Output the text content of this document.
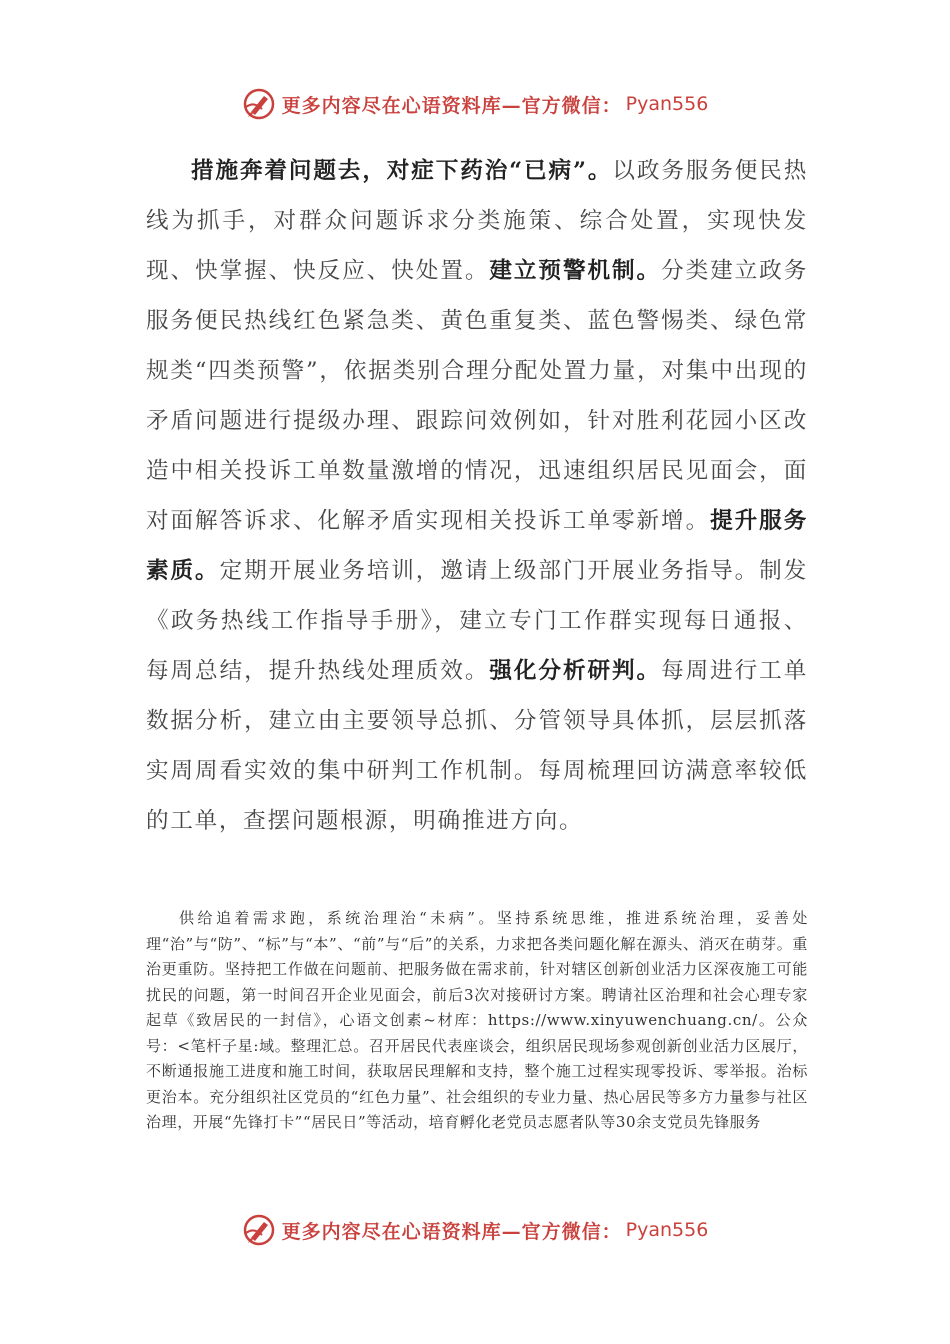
更多内容尽在心语资料库—官方微信： Pyan556

措施奔着问题去，对症下药治“已病”。以政务服务便民热线为抓手，对群众问题诉求分类施策、综合处置，实现快发现、快掌握、快反应、快处置。建立预警机制。分类建立政务服务便民热线红色紧急类、黄色重复类、蓝色警惕类、绿色常规类“四类预警”，依据类别合理分配处置力量，对集中出现的矛盾问题进行提级办理、跟踪问效例如，针对胜利花园小区改造中相关投诉工单数量激增的情况，迅速组织居民见面会，面对面解答诉求、化解矛盾实现相关投诉工单零新增。提升服务素质。定期开展业务培训，邀请上级部门开展业务指导。制发《政务热线工作指导手册》，建立专门工作群实现每日通报、每周总结，提升热线处理质效。强化分析研判。每周进行工单数据分析，建立由主要领导总抓、分管领导具体抓，层层抓落实周周看实效的集中研判工作机制。每周梳理回访满意率较低的工单，查摆问题根源，明确推进方向。

供给追着需求跑，系统治理治“未病”。坚持系统思维，推进系统治理，妥善处理“治”与“防”、“标”与“本”、“前”与“后”的关系，力求把各类问题化解在源头、消灭在萌芽。重治更重防。坚持把工作做在问题前、把服务做在需求前，针对辖区创新创业活力区深夜施工可能扰民的问题，第一时间召开企业见面会，前后3次对接研讨方案。聘请社区治理和社会心理专家起草《致居民的一封信》，心语文创素~材库：https://www.xinyuwenchuang.cn/。公众号：<笔杆子星:域。整理汇总。召开居民代表座谈会，组织居民现场参观创新创业活力区展厅，不断通报施工进度和施工时间，获取居民理解和支持，整个施工过程实现零投诉、零举报。治标更治本。充分组织社区党员的“红色力量”、社会组织的专业力量、热心居民等多方力量参与社区治理，开展“先锋打卡”“居民日”等活动，培育孵化老党员志愿者队等30余支党员先锋服务

更多内容尽在心语资料库—官方微信： Pyan556
